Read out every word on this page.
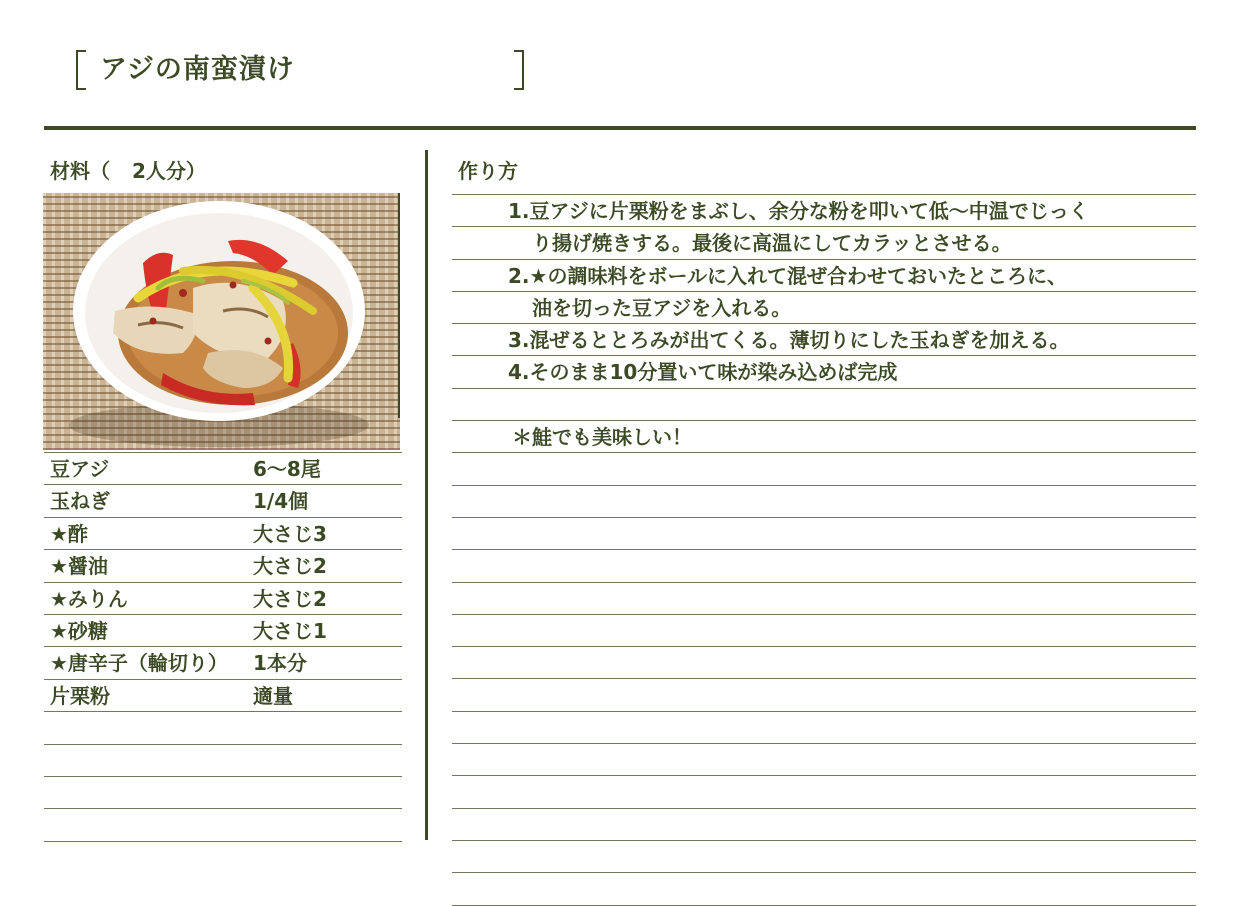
アジの南蛮漬け
材料（ 2人分）
豆アジ	6〜8尾
玉ねぎ	1/4個
★酢	大さじ3
★醤油	大さじ2
★みりん	大さじ2
★砂糖	大さじ1
★唐辛子（輪切り） 1本分
片栗粉	適量
作り方
1.豆アジに片栗粉をまぶし、余分な粉を叩いて低〜中温でじっく
り揚げ焼きする。最後に高温にしてカラッとさせる。
2.★の調味料をボールに入れて混ぜ合わせておいたところに、
油を切った豆アジを入れる。
3.混ぜるととろみが出てくる。薄切りにした玉ねぎを加える。
4.そのまま10分置いて味が染み込めば完成
＊鮭でも美味しい！
